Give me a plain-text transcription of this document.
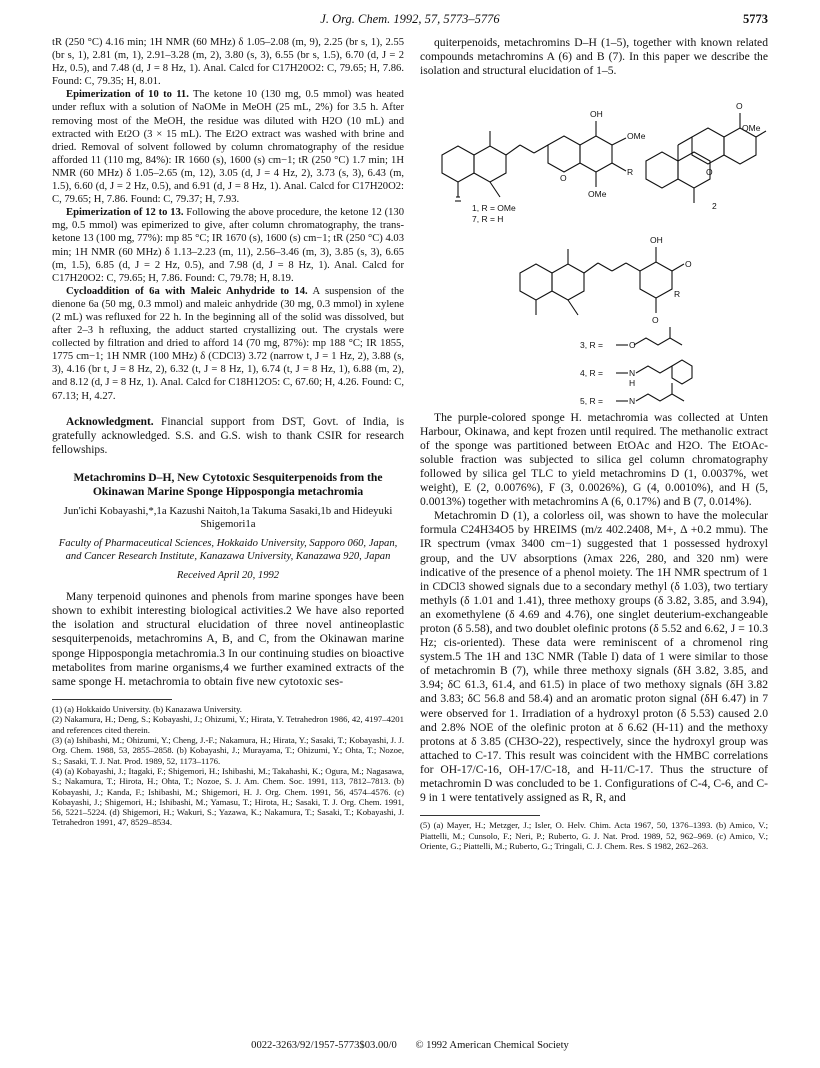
J. Org. Chem. 1992, 57, 5773–5776	5773

tR (250 °C) 4.16 min; 1H NMR (60 MHz) δ 1.05–2.08 (m, 9), 2.25 (br s, 1), 2.55 (br s, 1), 2.81 (m, 1), 2.91–3.28 (m, 2), 3.80 (s, 3), 6.55 (br s, 1.5), 6.70 (d, J = 2 Hz, 0.5), and 7.48 (d, J = 8 Hz, 1). Anal. Calcd for C17H20O2: C, 79.65; H, 7.86. Found: C, 79.35; H, 8.01.

Epimerization of 10 to 11. The ketone 10 (130 mg, 0.5 mmol) was heated under reflux with a solution of NaOMe in MeOH (25 mL, 2%) for 3.5 h. After removing most of the MeOH, the residue was diluted with H2O (10 mL) and extracted with Et2O (3 × 15 mL). The Et2O extract was washed with brine and dried. Removal of solvent followed by column chromatography of the residue afforded 11 (110 mg, 84%): IR 1660 (s), 1600 (s) cm−1; tR (250 °C) 1.7 min; 1H NMR (60 MHz) δ 1.05–2.65 (m, 12), 3.05 (d, J = 4 Hz, 2), 3.73 (s, 3), 6.43 (m, 1.5), 6.60 (d, J = 2 Hz, 0.5), and 6.91 (d, J = 8 Hz, 1). Anal. Calcd for C17H20O2: C, 79.65; H, 7.86. Found: C, 79.37; H, 7.93.

Epimerization of 12 to 13. Following the above procedure, the ketone 12 (130 mg, 0.5 mmol) was epimerized to give, after column chromatography, the trans-ketone 13 (100 mg, 77%): mp 85 °C; IR 1670 (s), 1600 (s) cm−1; tR (250 °C) 4.03 min; 1H NMR (60 MHz) δ 1.13–2.23 (m, 11), 2.56–3.46 (m, 3), 3.85 (s, 3), 6.65 (m, 1.5), 6.85 (d, J = 2 Hz, 0.5), and 7.98 (d, J = 8 Hz, 1). Anal. Calcd for C17H20O2: C, 79.65; H, 7.86. Found: C, 79.78; H, 8.19.

Cycloaddition of 6a with Maleic Anhydride to 14. A suspension of the dienone 6a (50 mg, 0.3 mmol) and maleic anhydride (30 mg, 0.3 mmol) in xylene (2 mL) was refluxed for 22 h. In the beginning all of the solid was dissolved, but after 2–3 h refluxing, the adduct started crystallizing out. The crystals were collected by filtration and dried to afford 14 (70 mg, 87%): mp 188 °C; IR 1855, 1775 cm−1; 1H NMR (100 MHz) δ (CDCl3) 3.72 (narrow t, J = 1 Hz, 2), 3.88 (s, 3), 4.16 (br t, J = 8 Hz, 2), 6.32 (t, J = 8 Hz, 1), 6.74 (t, J = 8 Hz, 1), 6.88 (m, 2), and 8.12 (d, J = 8 Hz, 1). Anal. Calcd for C18H12O5: C, 67.60; H, 4.26. Found: C, 67.13; H, 4.27.

Acknowledgment. Financial support from DST, Govt. of India, is gratefully acknowledged. S.S. and G.S. wish to thank CSIR for research fellowships.

Metachromins D–H, New Cytotoxic Sesquiterpenoids from the Okinawan Marine Sponge Hippospongia metachromia
Jun'ichi Kobayashi,*,1a Kazushi Naitoh,1a Takuma Sasaki,1b and Hideyuki Shigemori1a
Faculty of Pharmaceutical Sciences, Hokkaido University, Sapporo 060, Japan, and Cancer Research Institute, Kanazawa University, Kanazawa 920, Japan
Received April 20, 1992

Many terpenoid quinones and phenols from marine sponges have been shown to exhibit interesting biological activities.2 We have also reported the isolation and structural elucidation of three novel antineoplastic sesquiterpenoids, metachromins A, B, and C, from the Okinawan marine sponge Hippospongia metachromia.3 In our continuing studies on bioactive metabolites from marine organisms,4 we further examined extracts of the same sponge H. metachromia to obtain five new cytotoxic ses-

(1) (a) Hokkaido University. (b) Kanazawa University.

(2) Nakamura, H.; Deng, S.; Kobayashi, J.; Ohizumi, Y.; Hirata, Y. Tetrahedron 1986, 42, 4197–4201 and references cited therein.

(3) (a) Ishibashi, M.; Ohizumi, Y.; Cheng, J.-F.; Nakamura, H.; Hirata, Y.; Sasaki, T.; Kobayashi, J. J. Org. Chem. 1988, 53, 2855–2858. (b) Kobayashi, J.; Murayama, T.; Ohizumi, Y.; Ohta, T.; Nozoe, S.; Sasaki, T. J. Nat. Prod. 1989, 52, 1173–1176.

(4) (a) Kobayashi, J.; Itagaki, F.; Shigemori, H.; Ishibashi, M.; Takahashi, K.; Ogura, M.; Nagasawa, S.; Nakamura, T.; Hirota, H.; Ohta, T.; Nozoe, S. J. Am. Chem. Soc. 1991, 113, 7812–7813. (b) Kobayashi, J.; Kanda, F.; Ishibashi, M.; Shigemori, H. J. Org. Chem. 1991, 56, 4574–4576. (c) Kobayashi, J.; Shigemori, H.; Ishibashi, M.; Yamasu, T.; Hirota, H.; Sasaki, T. J. Org. Chem. 1991, 56, 5221–5224. (d) Shigemori, H.; Wakuri, S.; Yazawa, K.; Nakamura, T.; Sasaki, T.; Kobayashi, J. Tetrahedron 1991, 47, 8529–8534.

quiterpenoids, metachromins D–H (1–5), together with known related compounds metachromins A (6) and B (7). In this paper we describe the isolation and structural elucidation of 1–5.

OH
OMe
R
OMe
O
1, R = OMe
7, R = H
O
OMe
O
2
OH
O
O
R
3, R =	O
4, R =	N
H
5, R =	N

The purple-colored sponge H. metachromia was collected at Unten Harbour, Okinawa, and kept frozen until required. The methanolic extract of the sponge was partitioned between EtOAc and H2O. The EtOAc-soluble fraction was subjected to silica gel column chromatography followed by silica gel TLC to yield metachromins D (1, 0.0037%, wet weight), E (2, 0.0076%), F (3, 0.0026%), G (4, 0.0010%), and H (5, 0.0013%) together with metachromins A (6, 0.17%) and B (7, 0.014%).

Metachromin D (1), a colorless oil, was shown to have the molecular formula C24H34O5 by HREIMS (m/z 402.2408, M+, Δ +0.2 mmu). The IR spectrum (νmax 3400 cm−1) suggested that 1 possessed hydroxyl group, and the UV absorptions (λmax 226, 280, and 320 nm) were indicative of the presence of a phenol moiety. The 1H NMR spectrum of 1 in CDCl3 showed signals due to a secondary methyl (δ 1.03), two tertiary methyls (δ 1.01 and 1.41), three methoxy groups (δ 3.82, 3.85, and 3.94), an exomethylene (δ 4.69 and 4.76), one singlet deuterium-exchangeable proton (δ 5.58), and two doublet olefinic protons (δ 5.52 and 6.62, J = 10.3 Hz; cis-oriented). These data were reminiscent of a chromenol ring system.5 The 1H and 13C NMR (Table I) data of 1 were similar to those of metachromin B (7), while three methoxy signals (δH 3.82, 3.85, and 3.94; δC 61.3, 61.4, and 61.5) in place of two methoxy signals (δH 3.82 and 3.83; δC 56.8 and 58.4) and an aromatic proton signal (δH 6.47) in 7 were observed for 1. Irradiation of a hydroxyl proton (δ 5.53) caused 2.0 and 2.8% NOE of the olefinic proton at δ 6.62 (H-11) and the methoxy protons at δ 3.85 (CH3O-22), respectively, since the hydroxyl group was attached to C-17. This result was coincident with the HMBC correlations for OH-17/C-16, OH-17/C-18, and H-11/C-17. Thus the structure of metachromin D was concluded to be 1. Configurations of C-4, C-6, and C-9 in 1 were tentatively assigned as R, R, and

(5) (a) Mayer, H.; Metzger, J.; Isler, O. Helv. Chim. Acta 1967, 50, 1376–1393. (b) Amico, V.; Piattelli, M.; Cunsolo, F.; Neri, P.; Ruberto, G. J. Nat. Prod. 1989, 52, 962–969. (c) Amico, V.; Oriente, G.; Piattelli, M.; Ruberto, G.; Tringali, C. J. Chem. Res. S 1982, 262–263.

0022-3263/92/1957-5773$03.00/0 © 1992 American Chemical Society
